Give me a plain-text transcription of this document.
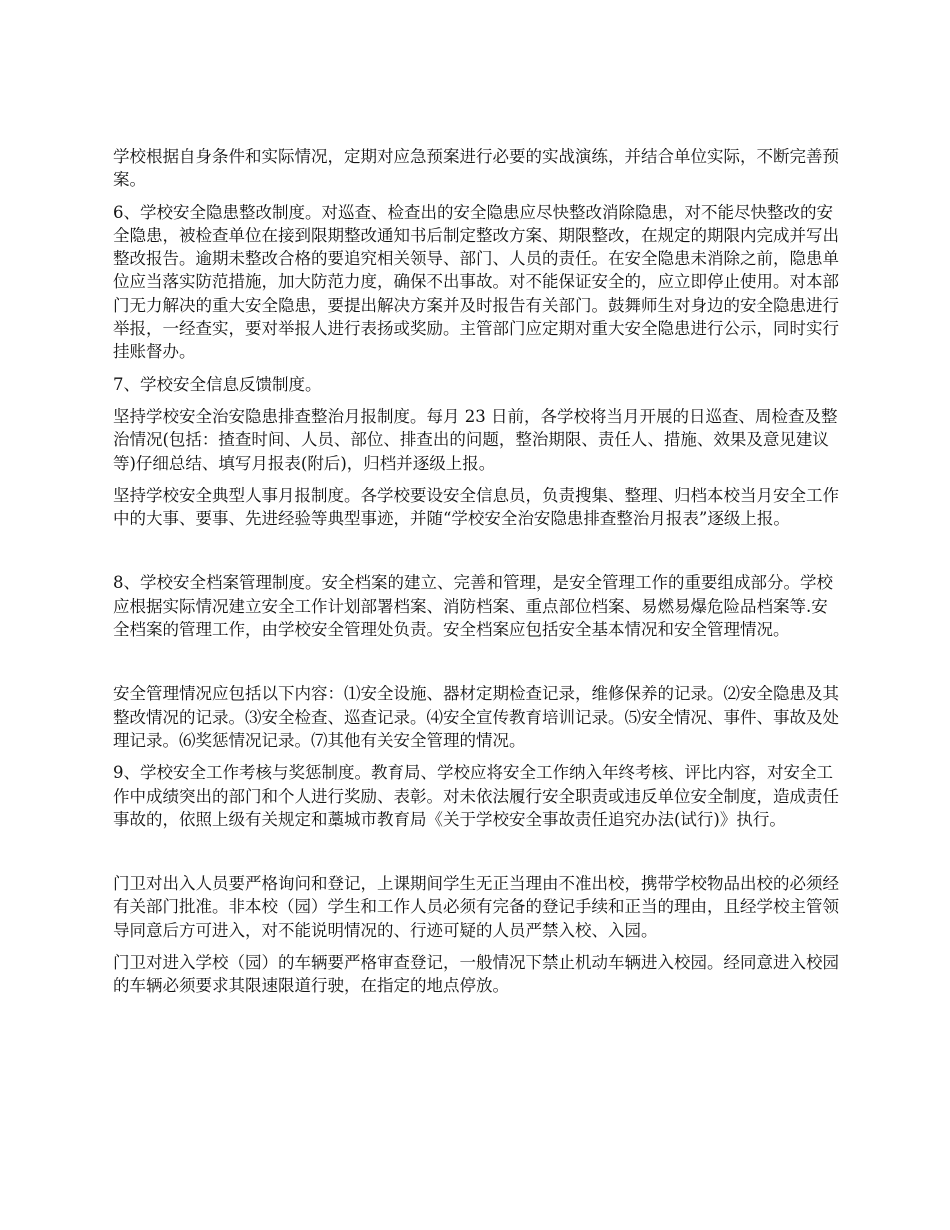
学校根据自身条件和实际情况，定期对应急预案进行必要的实战演练，并结合单位实际，不断完善预案。

6、学校安全隐患整改制度。对巡查、检查出的安全隐患应尽快整改消除隐患，对不能尽快整改的安全隐患，被检查单位在接到限期整改通知书后制定整改方案、期限整改，在规定的期限内完成并写出整改报告。逾期未整改合格的要追究相关领导、部门、人员的责任。在安全隐患未消除之前，隐患单位应当落实防范措施，加大防范力度，确保不出事故。对不能保证安全的，应立即停止使用。对本部门无力解决的重大安全隐患，要提出解决方案并及时报告有关部门。鼓舞师生对身边的安全隐患进行举报，一经查实，要对举报人进行表扬或奖励。主管部门应定期对重大安全隐患进行公示，同时实行挂账督办。

7、学校安全信息反馈制度。

坚持学校安全治安隐患排查整治月报制度。每月 23 日前，各学校将当月开展的日巡查、周检查及整治情况(包括：揸查时间、人员、部位、排查出的问题，整治期限、责任人、措施、效果及意见建议等)仔细总结、填写月报表(附后)，归档并逐级上报。

坚持学校安全典型人事月报制度。各学校要设安全信息员，负责搜集、整理、归档本校当月安全工作中的大事、要事、先进经验等典型事迹，并随“学校安全治安隐患排查整治月报表”逐级上报。

8、学校安全档案管理制度。安全档案的建立、完善和管理，是安全管理工作的重要组成部分。学校应根据实际情况建立安全工作计划部署档案、消防档案、重点部位档案、易燃易爆危险品档案等.安全档案的管理工作，由学校安全管理处负责。安全档案应包括安全基本情况和安全管理情况。

安全管理情况应包括以下内容：⑴安全设施、器材定期检查记录，维修保养的记录。⑵安全隐患及其整改情况的记录。⑶安全检查、巡查记录。⑷安全宣传教育培训记录。⑸安全情况、事件、事故及处理记录。⑹奖惩情况记录。⑺其他有关安全管理的情况。

9、学校安全工作考核与奖惩制度。教育局、学校应将安全工作纳入年终考核、评比内容，对安全工作中成绩突出的部门和个人进行奖励、表彰。对未依法履行安全职责或违反单位安全制度，造成责任事故的，依照上级有关规定和藁城市教育局《关于学校安全事故责任追究办法(试行)》执行。

门卫对出入人员要严格询问和登记，上课期间学生无正当理由不准出校，携带学校物品出校的必须经有关部门批准。非本校（园）学生和工作人员必须有完备的登记手续和正当的理由，且经学校主管领导同意后方可进入，对不能说明情况的、行迹可疑的人员严禁入校、入园。

门卫对进入学校（园）的车辆要严格审查登记，一般情况下禁止机动车辆进入校园。经同意进入校园的车辆必须要求其限速限道行驶，在指定的地点停放。
